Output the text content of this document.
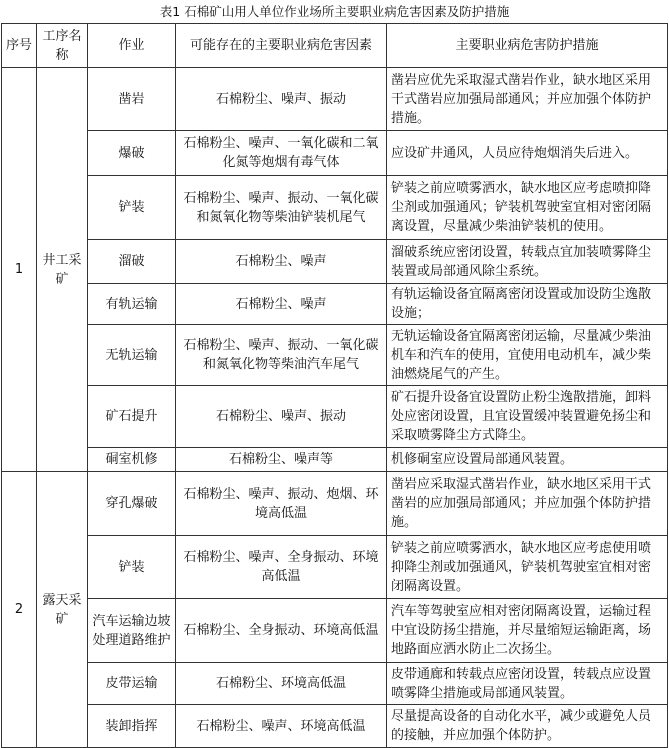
表1 石棉矿山用人单位作业场所主要职业病危害因素及防护措施
序号	工序名称	作业	可能存在的主要职业病危害因素	主要职业病危害防护措施
1	井工采矿	凿岩	石棉粉尘、噪声、振动	凿岩应优先采取湿式凿岩作业，缺水地区采用干式凿岩应加强局部通风；并应加强个体防护措施。
		爆破	石棉粉尘、噪声、一氧化碳和二氧化氮等炮烟有毒气体	应设矿井通风，人员应待炮烟消失后进入。
		铲装	石棉粉尘、噪声、振动、一氧化碳和氮氧化物等柴油铲装机尾气	铲装之前应喷雾洒水，缺水地区应考虑喷抑降尘剂或加强通风；铲装机驾驶室宜相对密闭隔离设置，尽量减少柴油铲装机的使用。
		溜破	石棉粉尘、噪声	溜破系统应密闭设置，转载点宜加装喷雾降尘装置或局部通风除尘系统。
		有轨运输	石棉粉尘、噪声	有轨运输设备宜隔离密闭设置或加设防尘逸散设施；
		无轨运输	石棉粉尘、噪声、振动、一氧化碳和氮氧化物等柴油汽车尾气	无轨运输设备宜隔离密闭运输，尽量减少柴油机车和汽车的使用，宜使用电动机车，减少柴油燃烧尾气的产生。
		矿石提升	石棉粉尘、噪声、振动	矿石提升设备宜设置防止粉尘逸散措施，卸料处应密闭设置，且宜设置缓冲装置避免扬尘和采取喷雾降尘方式降尘。
		硐室机修	石棉粉尘、噪声等	机修硐室应设置局部通风装置。
2	露天采矿	穿孔爆破	石棉粉尘、噪声、振动、炮烟、环境高低温	凿岩应采取湿式凿岩作业，缺水地区采用干式凿岩的应加强局部通风；并应加强个体防护措施。
		铲装	石棉粉尘、噪声、全身振动、环境高低温	铲装之前应喷雾洒水，缺水地区应考虑使用喷抑降尘剂或加强通风，铲装机驾驶室宜相对密闭隔离设置。
		汽车运输边坡处理道路维护	石棉粉尘、全身振动、环境高低温	汽车等驾驶室应相对密闭隔离设置，运输过程中宜设防扬尘措施，并尽量缩短运输距离，场地路面应洒水防止二次扬尘。
		皮带运输	石棉粉尘、环境高低温	皮带通廊和转载点应密闭设置，转载点应设置喷雾降尘措施或局部通风装置。
		装卸指挥	石棉粉尘、噪声、环境高低温	尽量提高设备的自动化水平，减少或避免人员的接触，并应加强个体防护。
